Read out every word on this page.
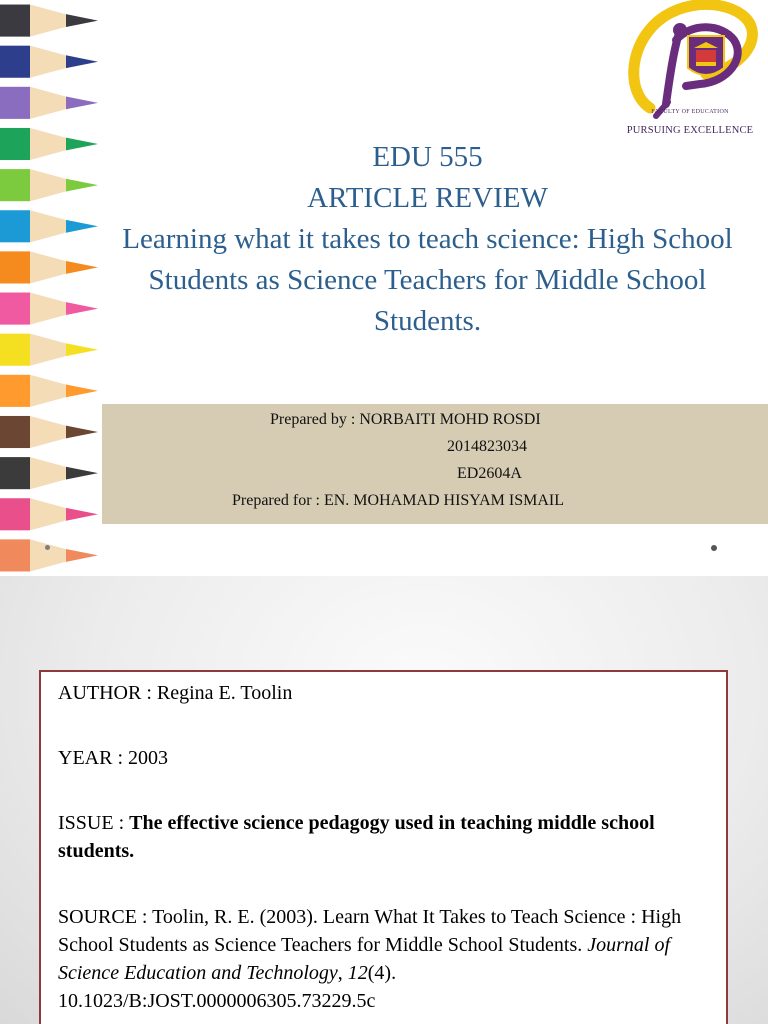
FACULTY OF EDUCATION
PURSUING EXCELLENCE
EDU 555
ARTICLE REVIEW
Learning what it takes to teach science: High School Students as Science Teachers for Middle School Students.
Prepared by : NORBAITI MOHD ROSDI
2014823034
ED2604A
Prepared for : EN. MOHAMAD HISYAM ISMAIL
AUTHOR : Regina E. Toolin
YEAR : 2003
ISSUE : The effective science pedagogy used in teaching middle school students.
SOURCE : Toolin, R. E. (2003). Learn What It Takes to Teach Science : High School Students as Science Teachers for Middle School Students. Journal of Science Education and Technology, 12(4).
10.1023/B:JOST.0000006305.73229.5c
